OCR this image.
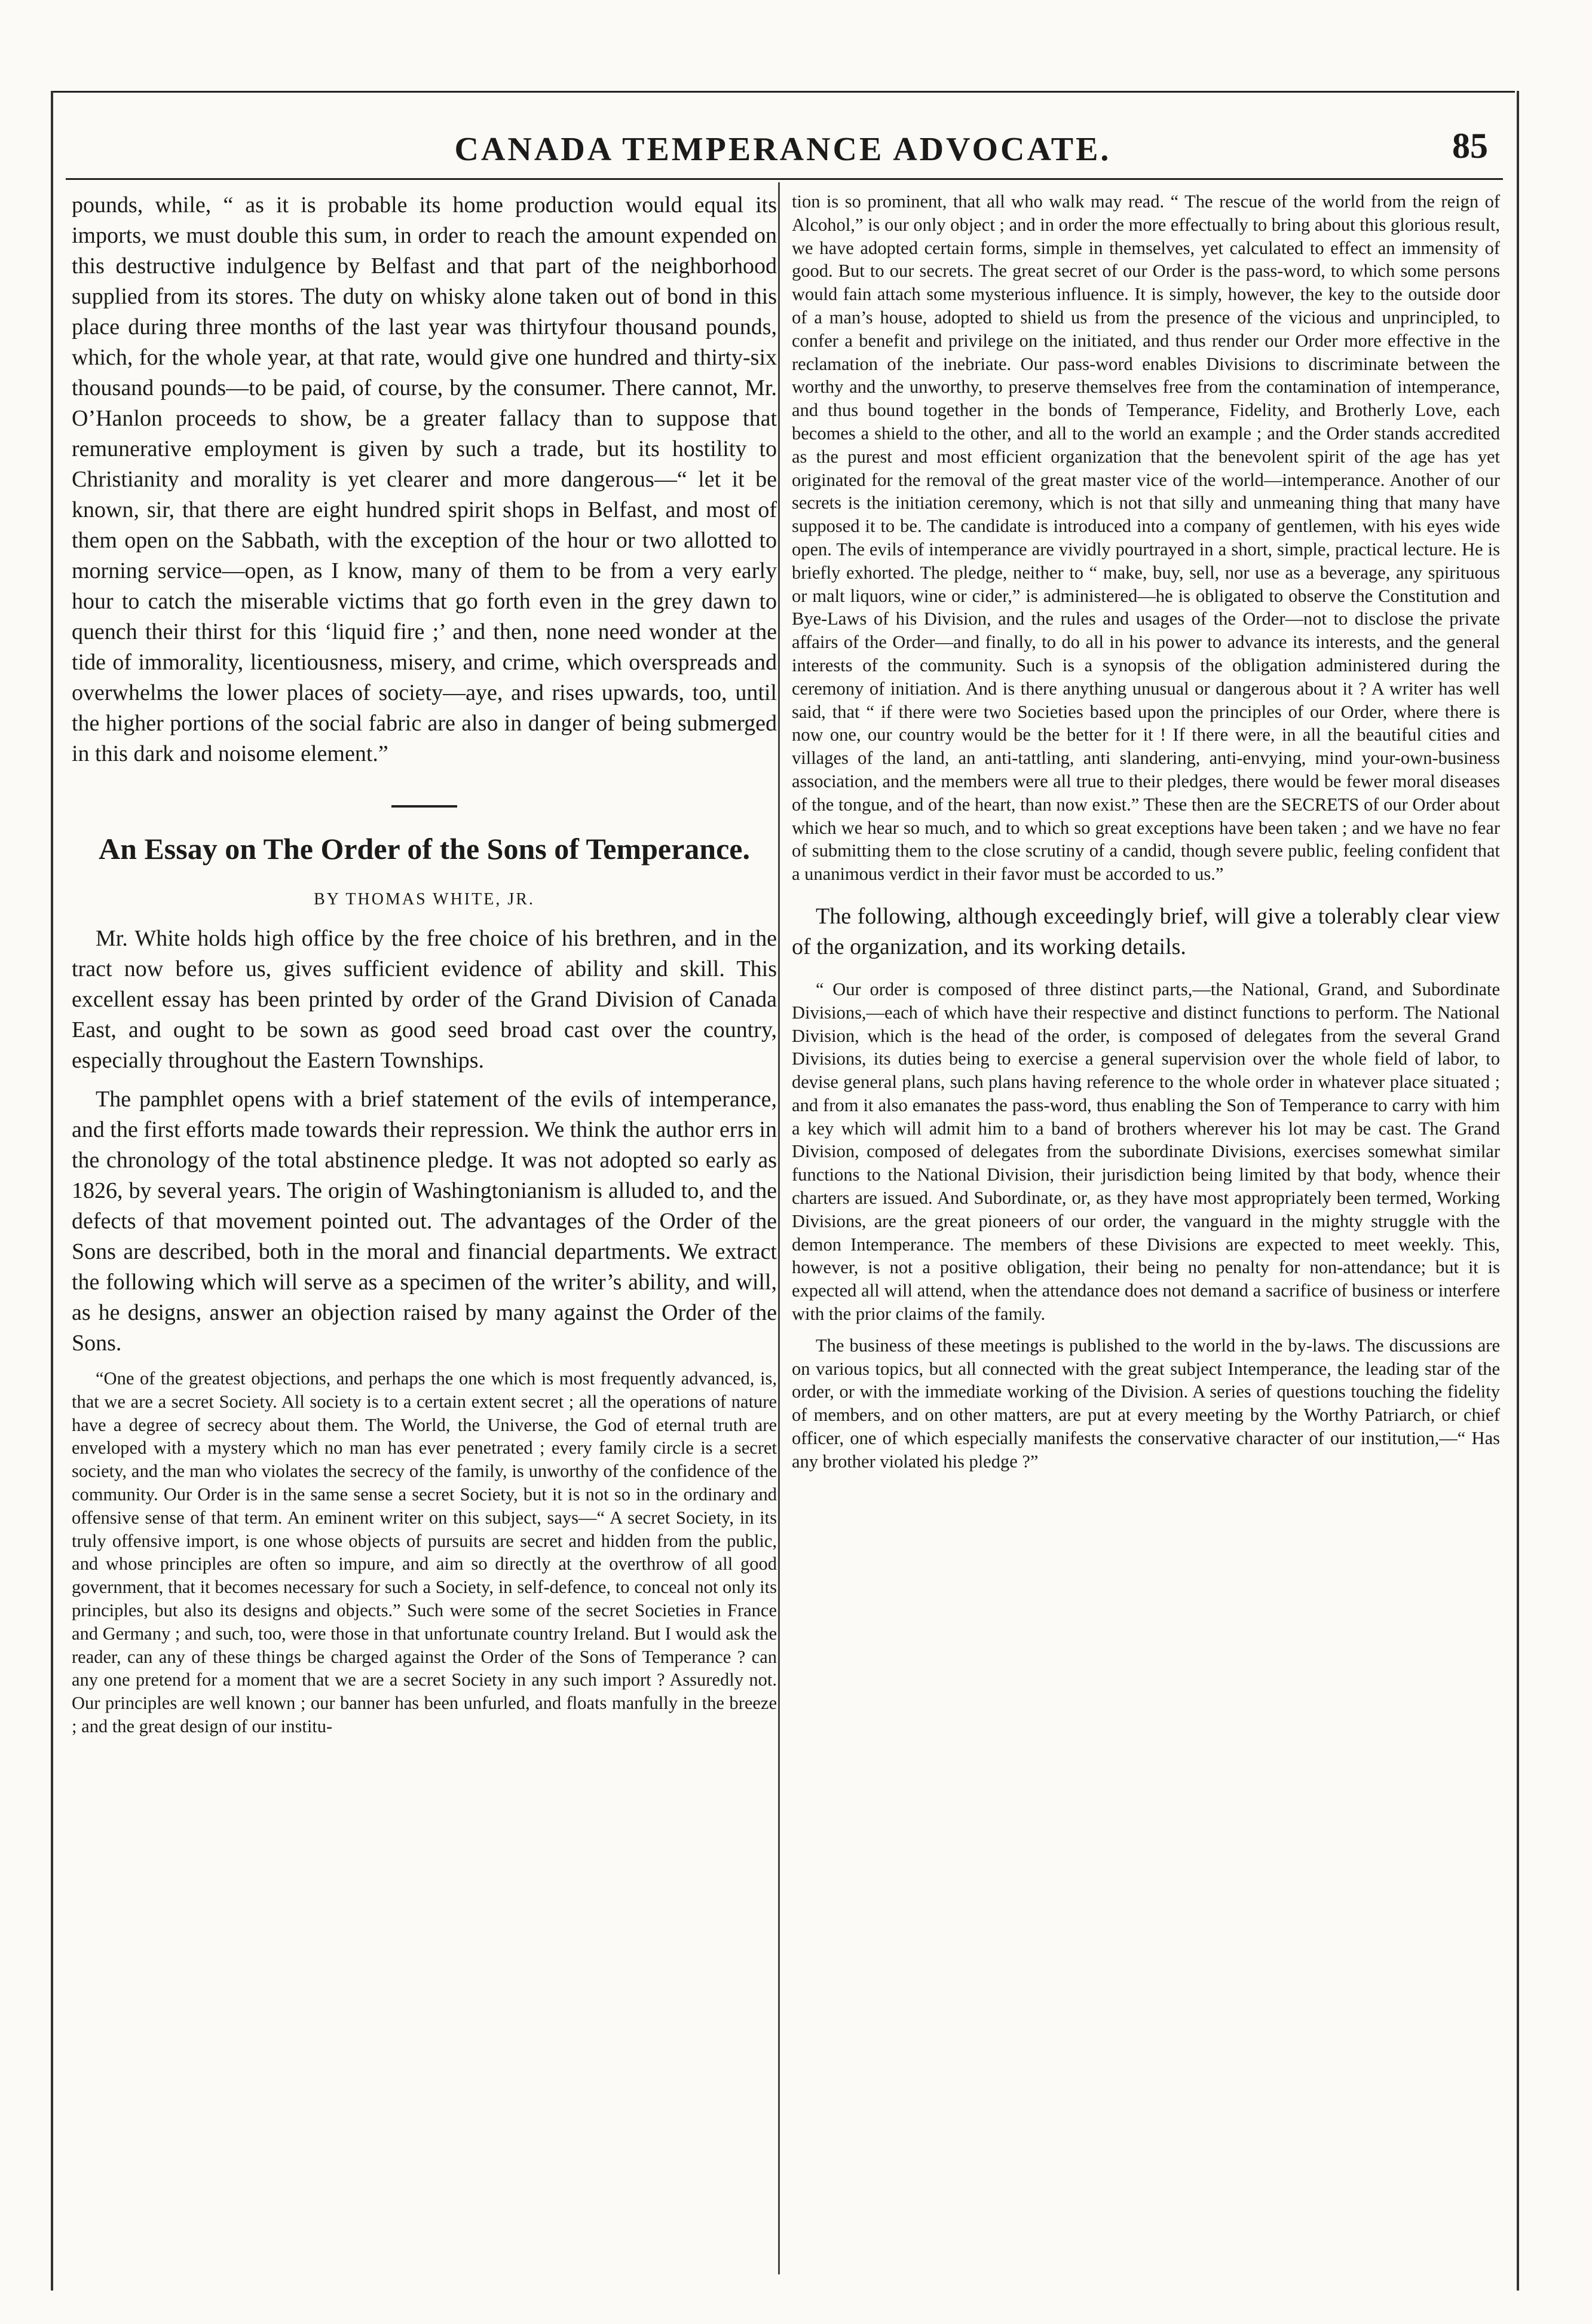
CANADA TEMPERANCE ADVOCATE.	85

pounds, while, “ as it is probable its home production would equal its imports, we must double this sum, in order to reach the amount expended on this destructive indulgence by Belfast and that part of the neighborhood supplied from its stores. The duty on whisky alone taken out of bond in this place during three months of the last year was thirtyfour thousand pounds, which, for the whole year, at that rate, would give one hundred and thirty-six thousand pounds—to be paid, of course, by the consumer. There cannot, Mr. O’Hanlon proceeds to show, be a greater fallacy than to suppose that remunerative employment is given by such a trade, but its hostility to Christianity and morality is yet clearer and more dangerous—“ let it be known, sir, that there are eight hundred spirit shops in Belfast, and most of them open on the Sabbath, with the exception of the hour or two allotted to morning service—open, as I know, many of them to be from a very early hour to catch the miserable victims that go forth even in the grey dawn to quench their thirst for this ‘liquid fire ;’ and then, none need wonder at the tide of immorality, licentiousness, misery, and crime, which overspreads and overwhelms the lower places of society—aye, and rises upwards, too, until the higher portions of the social fabric are also in danger of being submerged in this dark and noisome element.”

An Essay on The Order of the Sons of Temperance.
BY THOMAS WHITE, JR.

Mr. White holds high office by the free choice of his brethren, and in the tract now before us, gives sufficient evidence of ability and skill. This excellent essay has been printed by order of the Grand Division of Canada East, and ought to be sown as good seed broad cast over the country, especially throughout the Eastern Townships.

The pamphlet opens with a brief statement of the evils of intemperance, and the first efforts made towards their repression. We think the author errs in the chronology of the total abstinence pledge. It was not adopted so early as 1826, by several years. The origin of Washingtonianism is alluded to, and the defects of that movement pointed out. The advantages of the Order of the Sons are described, both in the moral and financial departments. We extract the following which will serve as a specimen of the writer’s ability, and will, as he designs, answer an objection raised by many against the Order of the Sons.

“One of the greatest objections, and perhaps the one which is most frequently advanced, is, that we are a secret Society. All society is to a certain extent secret ; all the operations of nature have a degree of secrecy about them. The World, the Universe, the God of eternal truth are enveloped with a mystery which no man has ever penetrated ; every family circle is a secret society, and the man who violates the secrecy of the family, is unworthy of the confidence of the community. Our Order is in the same sense a secret Society, but it is not so in the ordinary and offensive sense of that term. An eminent writer on this subject, says—“ A secret Society, in its truly offensive import, is one whose objects of pursuits are secret and hidden from the public, and whose principles are often so impure, and aim so directly at the overthrow of all good government, that it becomes necessary for such a Society, in self-defence, to conceal not only its principles, but also its designs and objects.” Such were some of the secret Societies in France and Germany ; and such, too, were those in that unfortunate country Ireland. But I would ask the reader, can any of these things be charged against the Order of the Sons of Temperance ? can any one pretend for a moment that we are a secret Society in any such import ? Assuredly not. Our principles are well known ; our banner has been unfurled, and floats manfully in the breeze ; and the great design of our institu-

tion is so prominent, that all who walk may read. “ The rescue of the world from the reign of Alcohol,” is our only object ; and in order the more effectually to bring about this glorious result, we have adopted certain forms, simple in themselves, yet calculated to effect an immensity of good. But to our secrets. The great secret of our Order is the pass-word, to which some persons would fain attach some mysterious influence. It is simply, however, the key to the outside door of a man’s house, adopted to shield us from the presence of the vicious and unprincipled, to confer a benefit and privilege on the initiated, and thus render our Order more effective in the reclamation of the inebriate. Our pass-word enables Divisions to discriminate between the worthy and the unworthy, to preserve themselves free from the contamination of intemperance, and thus bound together in the bonds of Temperance, Fidelity, and Brotherly Love, each becomes a shield to the other, and all to the world an example ; and the Order stands accredited as the purest and most efficient organization that the benevolent spirit of the age has yet originated for the removal of the great master vice of the world—intemperance. Another of our secrets is the initiation ceremony, which is not that silly and unmeaning thing that many have supposed it to be. The candidate is introduced into a company of gentlemen, with his eyes wide open. The evils of intemperance are vividly pourtrayed in a short, simple, practical lecture. He is briefly exhorted. The pledge, neither to “ make, buy, sell, nor use as a beverage, any spirituous or malt liquors, wine or cider,” is administered—he is obligated to observe the Constitution and Bye-Laws of his Division, and the rules and usages of the Order—not to disclose the private affairs of the Order—and finally, to do all in his power to advance its interests, and the general interests of the community. Such is a synopsis of the obligation administered during the ceremony of initiation. And is there anything unusual or dangerous about it ? A writer has well said, that “ if there were two Societies based upon the principles of our Order, where there is now one, our country would be the better for it ! If there were, in all the beautiful cities and villages of the land, an anti-tattling, anti slandering, anti-envying, mind your-own-business association, and the members were all true to their pledges, there would be fewer moral diseases of the tongue, and of the heart, than now exist.” These then are the SECRETS of our Order about which we hear so much, and to which so great exceptions have been taken ; and we have no fear of submitting them to the close scrutiny of a candid, though severe public, feeling confident that a unanimous verdict in their favor must be accorded to us.”

The following, although exceedingly brief, will give a tolerably clear view of the organization, and its working details.

“ Our order is composed of three distinct parts,—the National, Grand, and Subordinate Divisions,—each of which have their respective and distinct functions to perform. The National Division, which is the head of the order, is composed of delegates from the several Grand Divisions, its duties being to exercise a general supervision over the whole field of labor, to devise general plans, such plans having reference to the whole order in whatever place situated ; and from it also emanates the pass-word, thus enabling the Son of Temperance to carry with him a key which will admit him to a band of brothers wherever his lot may be cast. The Grand Division, composed of delegates from the subordinate Divisions, exercises somewhat similar functions to the National Division, their jurisdiction being limited by that body, whence their charters are issued. And Subordinate, or, as they have most appropriately been termed, Working Divisions, are the great pioneers of our order, the vanguard in the mighty struggle with the demon Intemperance. The members of these Divisions are expected to meet weekly. This, however, is not a positive obligation, their being no penalty for non-attendance; but it is expected all will attend, when the attendance does not demand a sacrifice of business or interfere with the prior claims of the family.

The business of these meetings is published to the world in the by-laws. The discussions are on various topics, but all connected with the great subject Intemperance, the leading star of the order, or with the immediate working of the Division. A series of questions touching the fidelity of members, and on other matters, are put at every meeting by the Worthy Patriarch, or chief officer, one of which especially manifests the conservative character of our institution,—“ Has any brother violated his pledge ?”
